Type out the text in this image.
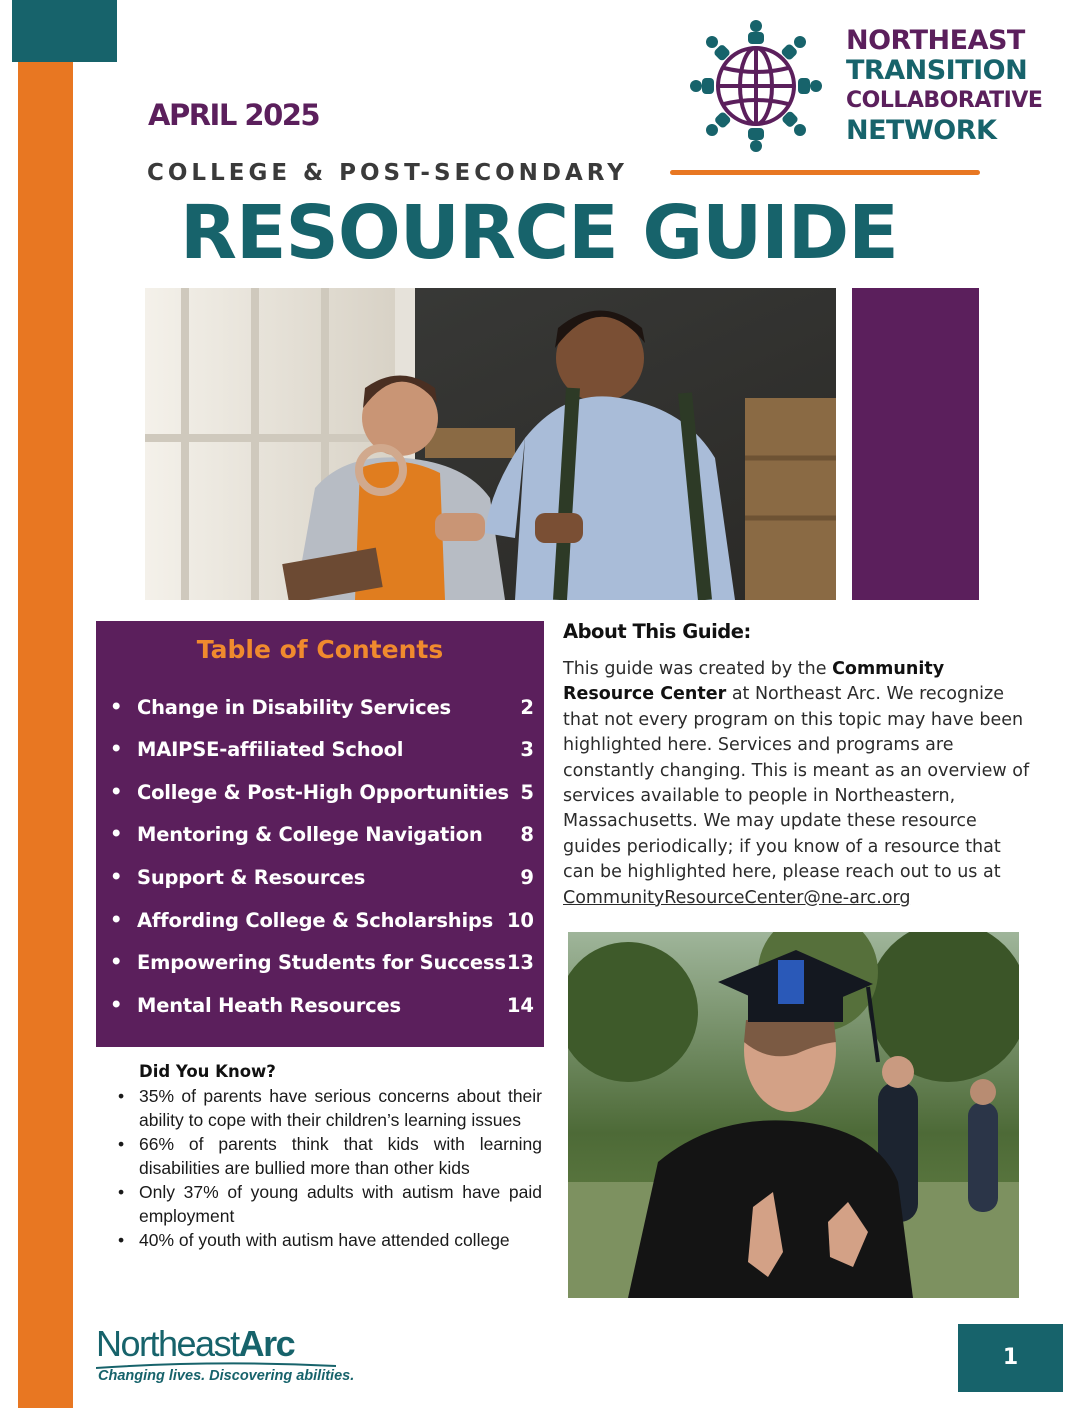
APRIL 2025
NORTHEAST
TRANSITION
COLLABORATIVE
NETWORK
COLLEGE & POST-SECONDARY
RESOURCE GUIDE
Table of Contents
• Change in Disability Services	2
• MAIPSE-affiliated School	3
• College & Post-High Opportunities 5
• Mentoring & College Navigation 8
• Support & Resources	9
• Affording College & Scholarships 10
• Empowering Students for Success 13
• Mental Heath Resources	14
Did You Know?
• 35% of parents have serious concerns about their ability to cope with their children’s learning issues
• 66% of parents think that kids with learning disabilities are bullied more than other kids
• Only 37% of young adults with autism have paid employment
• 40% of youth with autism have attended college
About This Guide:
This guide was created by the Community Resource Center at Northeast Arc. We recognize that not every program on this topic may have been highlighted here. Services and programs are constantly changing. This is meant as an overview of services available to people in Northeastern, Massachusetts. We may update these resource guides periodically; if you know of a resource that can be highlighted here, please reach out to us at CommunityResourceCenter@ne-arc.org
NortheastArc
Changing lives. Discovering abilities.
1
